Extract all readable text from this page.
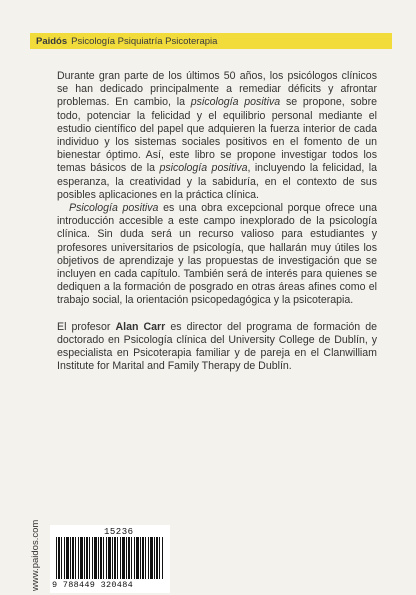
Paidós Psicología Psiquiatría Psicoterapia

Durante gran parte de los últimos 50 años, los psicólogos clínicos se han dedicado principalmente a remediar déficits y afrontar problemas. En cambio, la psicología positiva se propone, sobre todo, potenciar la felicidad y el equilibrio personal mediante el estudio científico del papel que adquieren la fuerza interior de cada individuo y los sistemas sociales positivos en el fomento de un bienestar óptimo. Así, este libro se propone investigar todos los temas básicos de la psicología positiva, incluyendo la felicidad, la esperanza, la creatividad y la sabiduría, en el contexto de sus posibles aplicaciones en la práctica clínica.

Psicología positiva es una obra excepcional porque ofrece una introducción accesible a este campo inexplorado de la psicología clínica. Sin duda será un recurso valioso para estudiantes y profesores universitarios de psicología, que hallarán muy útiles los objetivos de aprendizaje y las propuestas de investigación que se incluyen en cada capítulo. También será de interés para quienes se dediquen a la formación de posgrado en otras áreas afines como el trabajo social, la orientación psicopedagógica y la psicoterapia.

El profesor Alan Carr es director del programa de formación de doctorado en Psicología clínica del University College de Dublín, y especialista en Psicoterapia familiar y de pareja en el Clanwilliam Institute for Marital and Family Therapy de Dublín.

www.paidos.com	15236
9 788449 320484
